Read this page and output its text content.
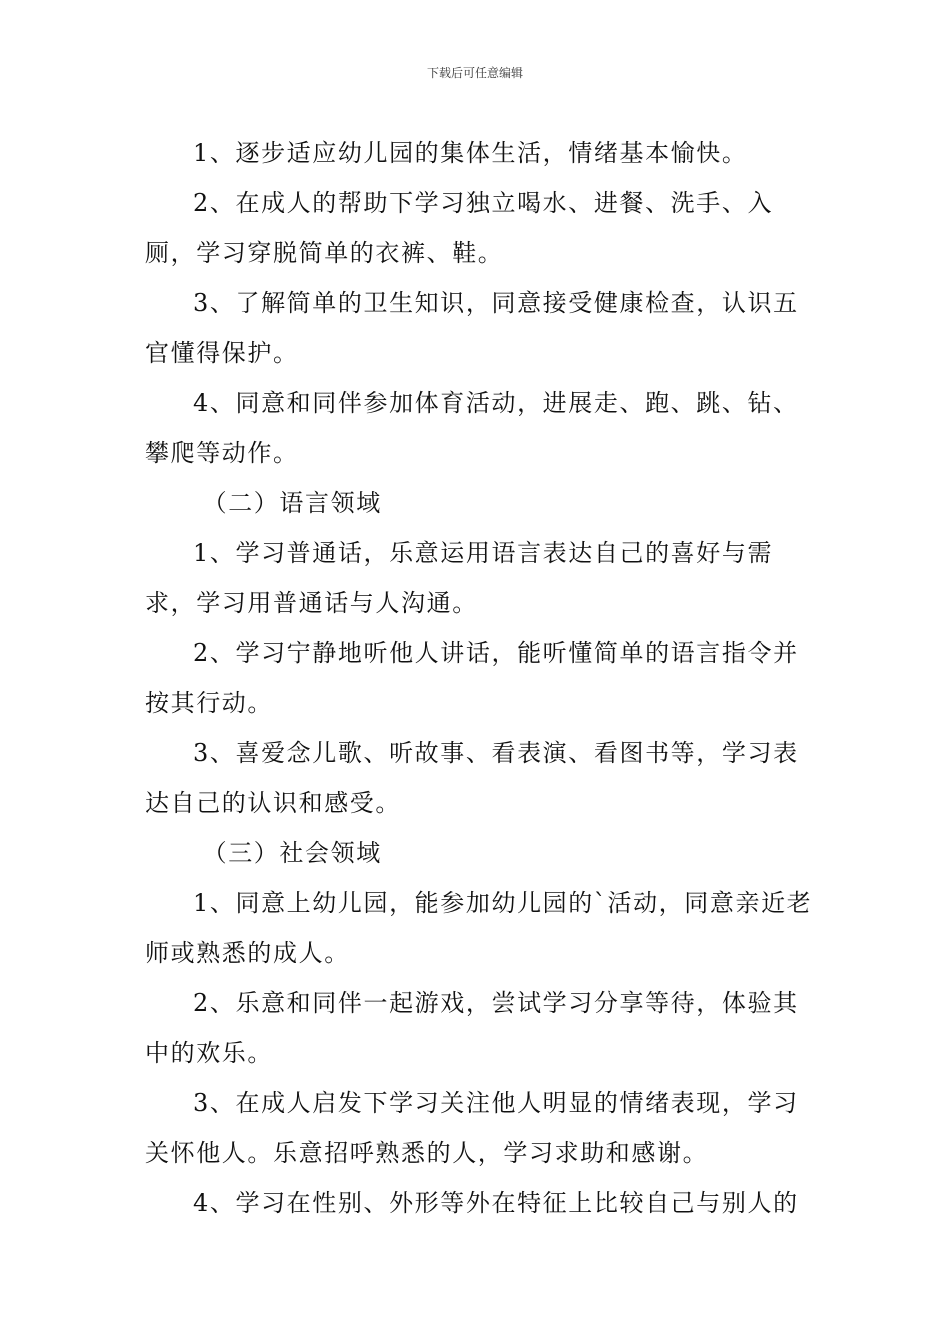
下载后可任意编辑

1、逐步适应幼儿园的集体生活，情绪基本愉快。

2、在成人的帮助下学习独立喝水、进餐、洗手、入厕，学习穿脱简单的衣裤、鞋。

3、了解简单的卫生知识，同意接受健康检查，认识五官懂得保护。

4、同意和同伴参加体育活动，进展走、跑、跳、钻、攀爬等动作。

（二）语言领域

1、学习普通话，乐意运用语言表达自己的喜好与需求，学习用普通话与人沟通。

2、学习宁静地听他人讲话，能听懂简单的语言指令并按其行动。

3、喜爱念儿歌、听故事、看表演、看图书等，学习表达自己的认识和感受。

（三）社会领域

1、同意上幼儿园，能参加幼儿园的`活动，同意亲近老师或熟悉的成人。

2、乐意和同伴一起游戏，尝试学习分享等待，体验其中的欢乐。

3、在成人启发下学习关注他人明显的情绪表现，学习关怀他人。乐意招呼熟悉的人，学习求助和感谢。

4、学习在性别、外形等外在特征上比较自己与别人的
